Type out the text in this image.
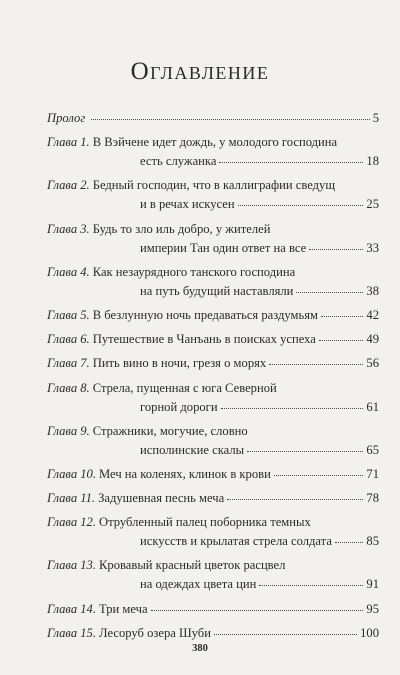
Оглавление
Пролог	5
Глава 1. В Вэйчене идет дождь, у молодого господина
есть служанка	18
Глава 2. Бедный господин, что в каллиграфии сведущ
и в речах искусен	25
Глава 3. Будь то зло иль добро, у жителей
империи Тан один ответ на все	33
Глава 4. Как незаурядного танского господина
на путь будущий наставляли	38
Глава 5. В безлунную ночь предаваться раздумьям	42
Глава 6. Путешествие в Чанъань в поисках успеха	49
Глава 7. Пить вино в ночи, грезя о морях	56
Глава 8. Стрела, пущенная с юга Северной
горной дороги	61
Глава 9. Стражники, могучие, словно
исполинские скалы	65
Глава 10. Меч на коленях, клинок в крови	71
Глава 11. Задушевная песнь меча	78
Глава 12. Отрубленный палец поборника темных
искусств и крылатая стрела солдата	85
Глава 13. Кровавый красный цветок расцвел
на одеждах цвета цин	91
Глава 14. Три меча	95
Глава 15. Лесоруб озера Шуби	100
380
